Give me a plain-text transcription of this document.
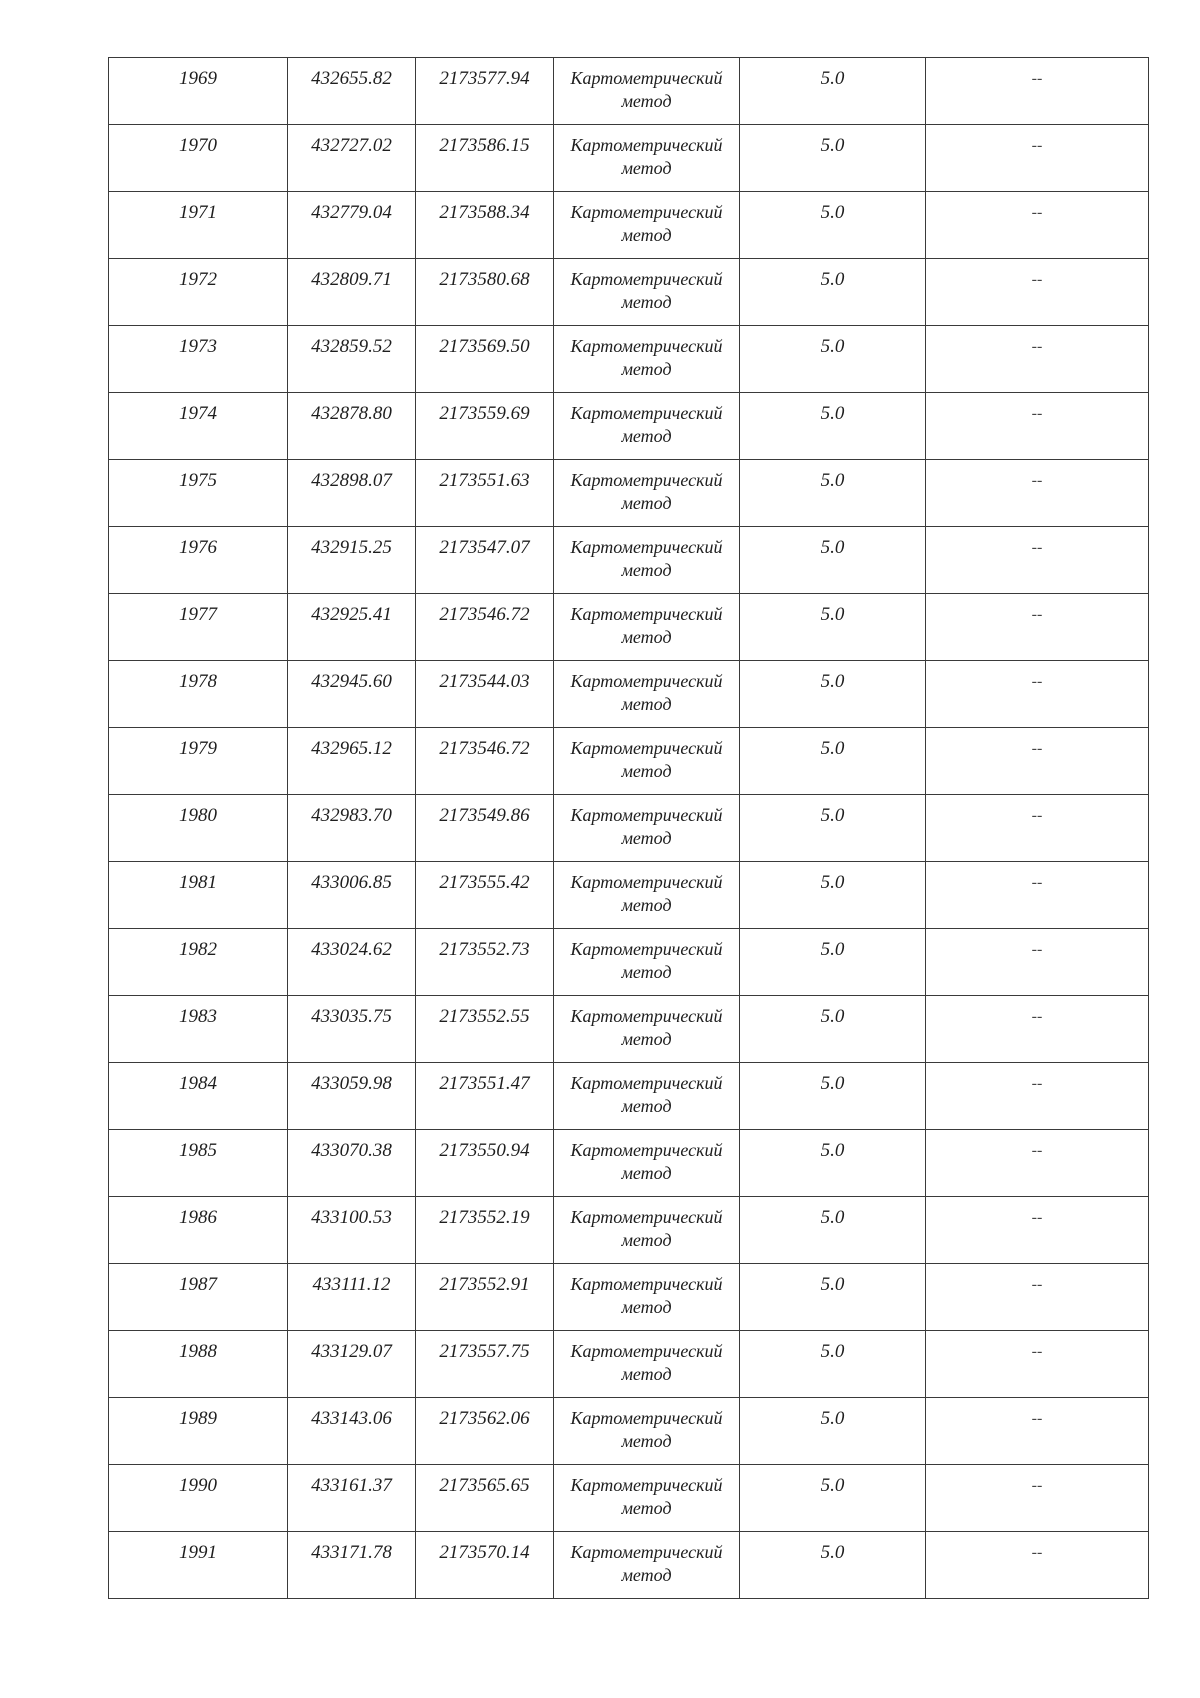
1969	432655.82	2173577.94	Картометрический метод	5.0	--

1970	432727.02	2173586.15	Картометрический метод	5.0	--

1971	432779.04	2173588.34	Картометрический метод	5.0	--

1972	432809.71	2173580.68	Картометрический метод	5.0	--

1973	432859.52	2173569.50	Картометрический метод	5.0	--

1974	432878.80	2173559.69	Картометрический метод	5.0	--

1975	432898.07	2173551.63	Картометрический метод	5.0	--

1976	432915.25	2173547.07	Картометрический метод	5.0	--

1977	432925.41	2173546.72	Картометрический метод	5.0	--

1978	432945.60	2173544.03	Картометрический метод	5.0	--

1979	432965.12	2173546.72	Картометрический метод	5.0	--

1980	432983.70	2173549.86	Картометрический метод	5.0	--

1981	433006.85	2173555.42	Картометрический метод	5.0	--

1982	433024.62	2173552.73	Картометрический метод	5.0	--

1983	433035.75	2173552.55	Картометрический метод	5.0	--

1984	433059.98	2173551.47	Картометрический метод	5.0	--

1985	433070.38	2173550.94	Картометрический метод	5.0	--

1986	433100.53	2173552.19	Картометрический метод	5.0	--

1987	433111.12	2173552.91	Картометрический метод	5.0	--

1988	433129.07	2173557.75	Картометрический метод	5.0	--

1989	433143.06	2173562.06	Картометрический метод	5.0	--

1990	433161.37	2173565.65	Картометрический метод	5.0	--

1991	433171.78	2173570.14	Картометрический метод	5.0	--
